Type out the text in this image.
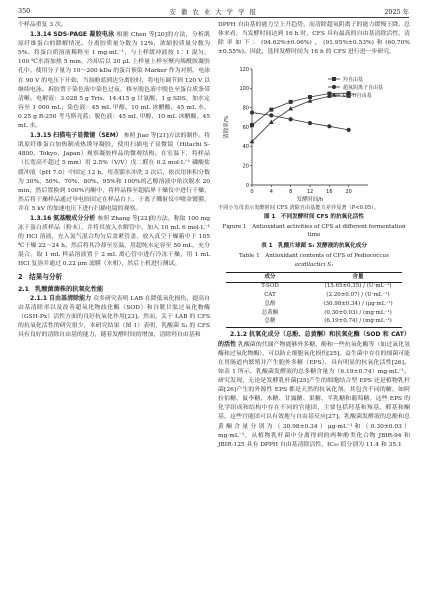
350	安 徽 农 业 大 学 学 报	2025 年

个样品重复 3 次。

1.3.14 SDS-PAGE 凝胶电泳 根据 Chen 等[20]的方法，分析肌原纤维蛋白的降解情况。分离胶质量分数为 12%，浓缩胶质量分数为 5%。将蛋白质溶液稀释至 1 mg·mL⁻¹，与上样缓冲液按 1∶1 混匀，100 ℃水浴加热 5 min，冷却后以 20 μL 上样量上样至聚丙烯酰胺凝胶孔中。使用分子量为 10～200 kDa 的蛋白预染 Marker 作为对照。电泳在 90 V 的电压下开始，当溴酚蓝到达分离胶时，将电压调节到 120 V 以继续电泳。拆胶置于染色液中染色过夜，移至脱色液中脱色至蛋白质条带清晰。电解液：3.028 5 g Tris、14.415 g 甘氨酸、1 g SDS，加水定容至 1 000 mL；染色液：45 mL 甲醇、10 mL 冰醋酸、45 mL 水，0.25 g R-250 考马斯亮蓝；脱色液：45 mL 甲醇、10 mL 冰醋酸、45 mL 水。

1.3.15 扫描电子显微镜（SEM） 参照 Jiao 等[21]方法的制作。将肌原纤维蛋白加热制成热诱导凝胶，使用扫描电子显微镜（Hitachi S-4800，Tokyo，Japan）观察凝胶样品的微观结构。在室温下，将样品（长宽高不超过 5 mm）用 2.5%（V/V）戊二醛在 0.2 mol·L⁻¹ 磷酸盐缓冲液（pH 7.0）中固定 12 h，用蒸馏水冲洗 3 次后，依次用体积分数为 30%、50%、70%、80%、95%和 100%的乙醇溶液中依次脱水 20 min，然后置换到 100%丙酮中，将样品移至超临界干燥仪中进行干燥，然后将干燥样品通过导电胶固定在样品台上，于离子溅射仪中喷金镀膜，并在 5 kV 的加速电压下进行扫描电镜的观察。

1.3.16 氨基酸成分分析 参照 Zhang 等[22]的方法，称取 100 mg 冻干蛋白质样品（粉末），并将其放入水解管中，加入 10 mL 6 mol·L⁻¹ 的 HCl 溶液，充入氮气混合均匀后盖紧管盖，放入真空干燥箱中于 105 ℃干燥 22～24 h。然后将其冷却至室温，用超纯水定容至 50 mL，充分混合。取 1 mL 样品溶液置于 2 mL 离心管中进行冷冻干燥，用 1 mL HCl 复溶并通过 0.22 μm 滤膜（水相），然后上机进行测试。

2　结果与分析

2.1　乳酸菌菌株的抗氧化性能

2.1.1 自由基清除能力 众多研究表明 LAB 在降低氧化损伤、提高自由基清除率以及改善超氧化物歧化酶（SOD）和谷胱甘肽过氧化物酶（GSH-Px）活性方面的良好抗氧化作用[23]。然而，关于 LAB 的 CFS 的抗氧化活性的研究很少，本研究结果（图 1）表明，乳酸菌 S₁ 的 CFS 具有良好的清除自由基的能力，随着发酵时间的增加，清除羟自由基和

DPPH 自由基的能力呈上升趋势，而清除超氧阴离子的能力缓慢下降。总体来看，当发酵时间达到 16 h 时，CFS 具有最高的自由基清除活性，清除率如下：(94.62%±0.06%)、(91.95%±0.53%)和(60.70%±0.55%)。因此，选择发酵时间为 16 h 的 CFS 进行进一步研究。

0
20
40
60
80
100
120
0	4	8	12	16	20
发酵时间/h
清除率/%
羟自由基
超氧阴离子自由基
DPPH自由基

不同小写母表示发酵时间 CFS 清除自由基能力差异显著（P<0.05）。

图 1　不同发酵时间 CFS 的抗氧化活性

Figure 1　Antioxidant activities of CFS at different fermentation time

表 1　乳酸片球菌 S₁ 发酵液的抗氧化成分

Table 1　Antioxidant contents of CFS of Pediococcus

acidilactici S₁

成分	含量
T-SOD	(15.65±0.35) / (U·mL⁻¹)
CAT	(2.20±0.07) / (U·mL⁻¹)
总酚	(30.98±0.34) / (μg·mL⁻¹)
总黄酮	(0.30±0.03) / (mg·mL⁻¹)
总糖	(6.19±0.74) / (mg·mL⁻¹)

2.1.2 抗氧化成分（总酚、总黄酮）和抗氧化酶（SOD 和 CAT）的活性 乳酸菌的代谢产物能够外多糖、酚和一些抗氧化酶等（如过氧化氢酶和过氧化物酶），可以防止细胞氧化损伤[25]。益生菌中存在的细菌可能在胃肠道内繁殖并产生胞外多糖（EPS），具有明显的抗氧化活性[26]。如表 1 所示，乳酸菌发酵液的总多糖含量为（6.19±0.74）mg·mL⁻¹。研究发现，无论是发酵乳杆菌[25]产生的细胞结合型 EPS 还是植物乳杆菌[26]产生的外源性 EPS 都是天然的抗氧化剂。其包含不同的糖，如阿拉伯糖、鼠李糖、木糖、甘露糖、果糖、半乳糖和葡萄糖。这些 EPS 的化学组成和结构中存在不同的官能团，主要包括羟基和羧基、醛基和酮基，这些官能团可以有效地与自由基反应[27]。乳酸菌发酵液的总酚和总黄酮含量分别为（30.98±0.34）μg·mL⁻¹和（0.30±0.03）mg·mL⁻¹，从植物乳杆菌中分离得到的两种酚类化合物 JBIR-94 和 JBIR-125 具有 DPPH 自由基清除活性，IC₅₀ 值分别为 11.4 和 35.1
